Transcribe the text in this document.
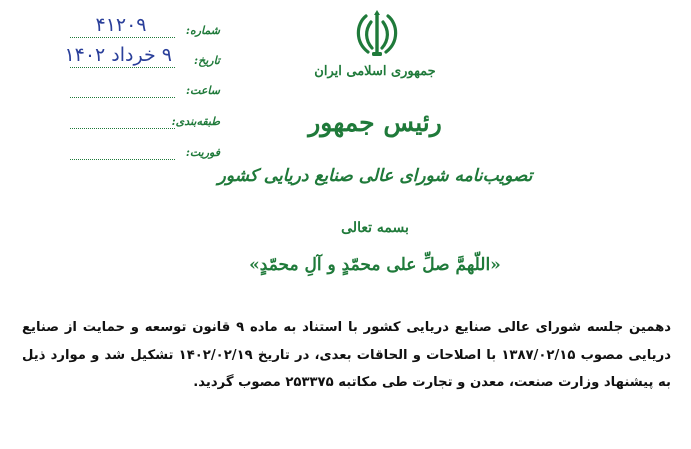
جمهوری اسلامی ایران
رئیس جمهور
تصویب‌نامه شورای عالی صنایع دریایی کشور
بسمه تعالی
«اللّهمَّ صلِّ علی محمّدٍ و آلِ محمّدٍ»
شماره:
۴۱۲۰۹
تاریخ:
۹ خرداد ۱۴۰۲
ساعت:
طبقه‌بندی:
فوریت:
دهمین جلسه شورای عالی صنایع دریایی کشور با استناد به ماده ۹ قانون توسعه و حمایت از صنایع دریایی مصوب ۱۳۸۷/۰۲/۱۵ با اصلاحات و الحاقات بعدی، در تاریخ ۱۴۰۲/۰۲/۱۹ تشکیل شد و موارد ذیل به پیشنهاد وزارت صنعت، معدن و تجارت طی مکاتبه ۲۵۳۳۷۵ مصوب گردید.
